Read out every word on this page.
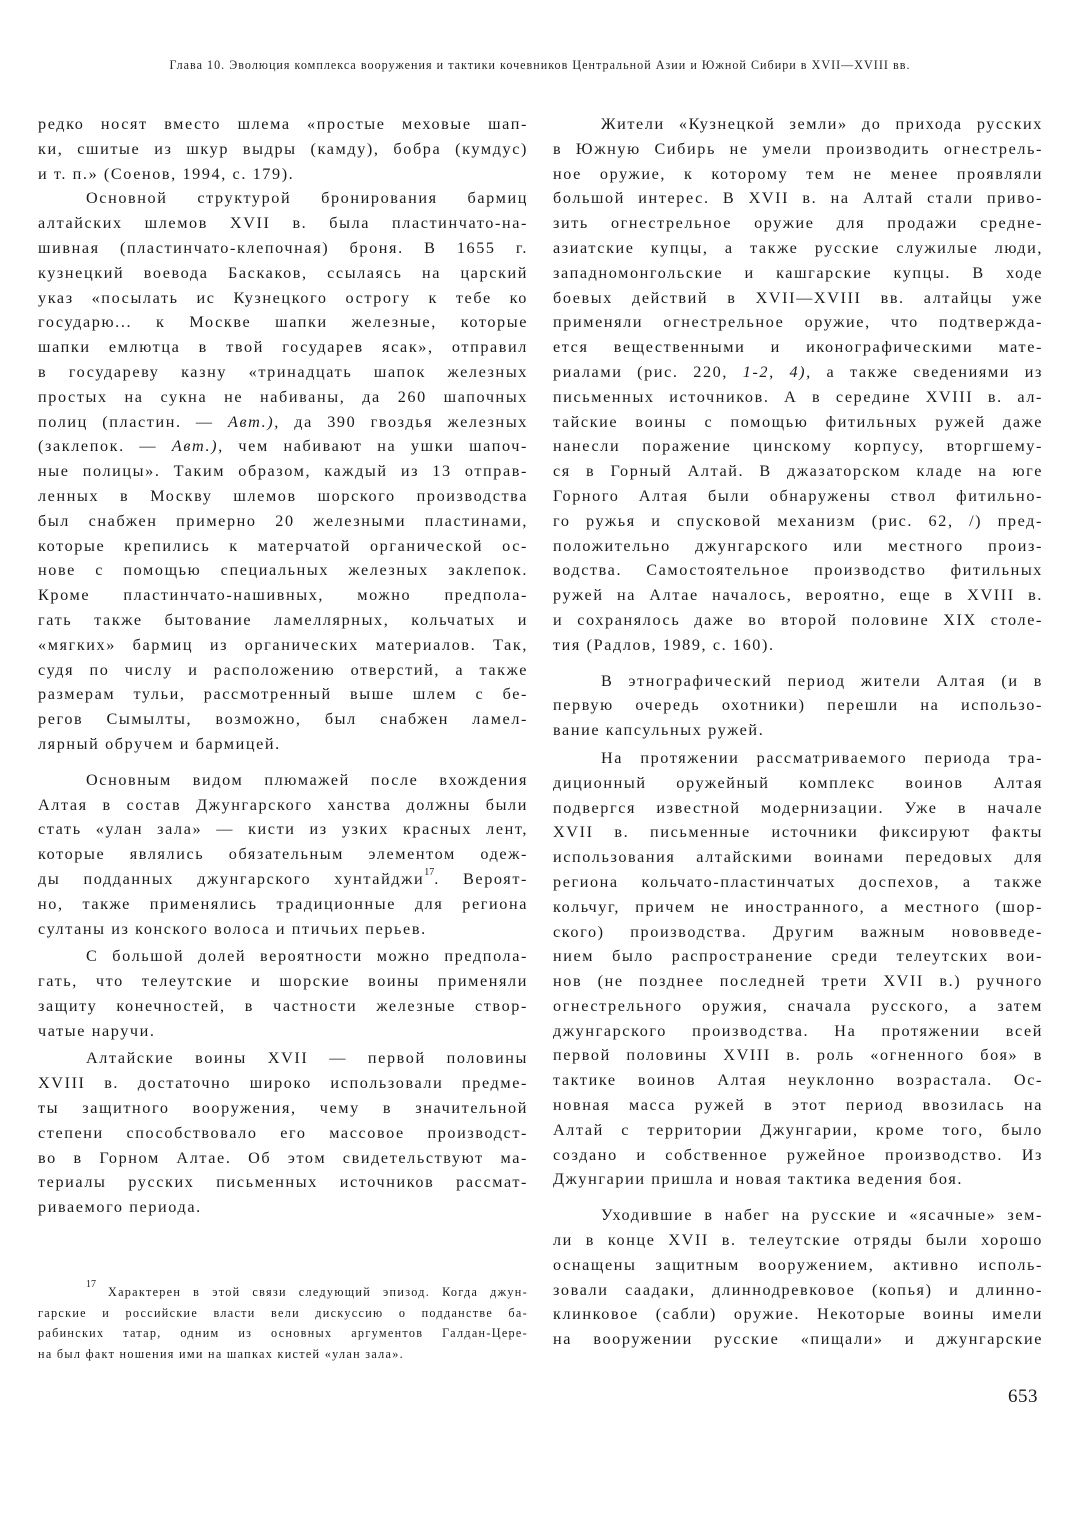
Глава 10. Эволюция комплекса вооружения и тактики кочевников Центральной Азии и Южной Сибири в XVII—XVIII вв.
редко носят вместо шлема «простые меховые шап-
ки, сшитые из шкур выдры (камду), бобра (кумдус)
и т. п.» (Соенов, 1994, с. 179).
Основной структурой бронирования бармиц
алтайских шлемов XVII в. была пластинчато-на-
шивная (пластинчато-клепочная) броня. В 1655 г.
кузнецкий воевода Баскаков, ссылаясь на царский
указ «посылать ис Кузнецкого острогу к тебе ко
государю... к Москве шапки железные, которые
шапки емлютца в твой государев ясак», отправил
в государеву казну «тринадцать шапок железных
простых на сукна не набиваны, да 260 шапочных
полиц (пластин. — Авт.), да 390 гвоздья железных
(заклепок. — Авт.), чем набивают на ушки шапоч-
ные полицы». Таким образом, каждый из 13 отправ-
ленных в Москву шлемов шорского производства
был снабжен примерно 20 железными пластинами,
которые крепились к матерчатой органической ос-
нове с помощью специальных железных заклепок.
Кроме пластинчато-нашивных, можно предпола-
гать также бытование ламеллярных, кольчатых и
«мягких» бармиц из органических материалов. Так,
судя по числу и расположению отверстий, а также
размерам тульи, рассмотренный выше шлем с бе-
регов Сымылты, возможно, был снабжен ламел-
лярный обручем и бармицей.
Основным видом плюмажей после вхождения
Алтая в состав Джунгарского ханства должны были
стать «улан зала» — кисти из узких красных лент,
которые являлись обязательным элементом одеж-
ды подданных джунгарского хунтайджи$^{17}$. Вероят-
но, также применялись традиционные для региона
султаны из конского волоса и птичьих перьев.
С большой долей вероятности можно предпола-
гать, что телеутские и шорские воины применяли
защиту конечностей, в частности железные створ-
чатые наручи.
Алтайские воины XVII — первой половины
XVIII в. достаточно широко использовали предме-
ты защитного вооружения, чему в значительной
степени способствовало его массовое производст-
во в Горном Алтае. Об этом свидетельствуют ма-
териалы русских письменных источников рассмат-
риваемого периода.
$^{17}$ Характерен в этой связи следующий эпизод. Когда джун-
гарские и российские власти вели дискуссию о подданстве ба-
рабинских татар, одним из основных аргументов Галдан-Цере-
на был факт ношения ими на шапках кистей «улан зала».
Жители «Кузнецкой земли» до прихода русских
в Южную Сибирь не умели производить огнестрель-
ное оружие, к которому тем не менее проявляли
большой интерес. В XVII в. на Алтай стали приво-
зить огнестрельное оружие для продажи средне-
азиатские купцы, а также русские служилые люди,
западномонгольские и кашгарские купцы. В ходе
боевых действий в XVII—XVIII вв. алтайцы уже
применяли огнестрельное оружие, что подтвержда-
ется вещественными и иконографическими мате-
риалами (рис. 220, 1-2, 4), а также сведениями из
письменных источников. А в середине XVIII в. ал-
тайские воины с помощью фитильных ружей даже
нанесли поражение цинскому корпусу, вторгшему-
ся в Горный Алтай. В джазаторском кладе на юге
Горного Алтая были обнаружены ствол фитильно-
го ружья и спусковой механизм (рис. 62, /) пред-
положительно джунгарского или местного произ-
водства. Самостоятельное производство фитильных
ружей на Алтае началось, вероятно, еще в XVIII в.
и сохранялось даже во второй половине XIX столе-
тия (Радлов, 1989, с. 160).
В этнографический период жители Алтая (и в
первую очередь охотники) перешли на использо-
вание капсульных ружей.
На протяжении рассматриваемого периода тра-
диционный оружейный комплекс воинов Алтая
подвергся известной модернизации. Уже в начале
XVII в. письменные источники фиксируют факты
использования алтайскими воинами передовых для
региона кольчато-пластинчатых доспехов, а также
кольчуг, причем не иностранного, а местного (шор-
ского) производства. Другим важным нововведе-
нием было распространение среди телеутских вои-
нов (не позднее последней трети XVII в.) ручного
огнестрельного оружия, сначала русского, а затем
джунгарского производства. На протяжении всей
первой половины XVIII в. роль «огненного боя» в
тактике воинов Алтая неуклонно возрастала. Ос-
новная масса ружей в этот период ввозилась на
Алтай с территории Джунгарии, кроме того, было
создано и собственное ружейное производство. Из
Джунгарии пришла и новая тактика ведения боя.
Уходившие в набег на русские и «ясачные» зем-
ли в конце XVII в. телеутские отряды были хорошо
оснащены защитным вооружением, активно исполь-
зовали саадаки, длиннодревковое (копья) и длинно-
клинковое (сабли) оружие. Некоторые воины имели
на вооружении русские «пищали» и джунгарские
653
